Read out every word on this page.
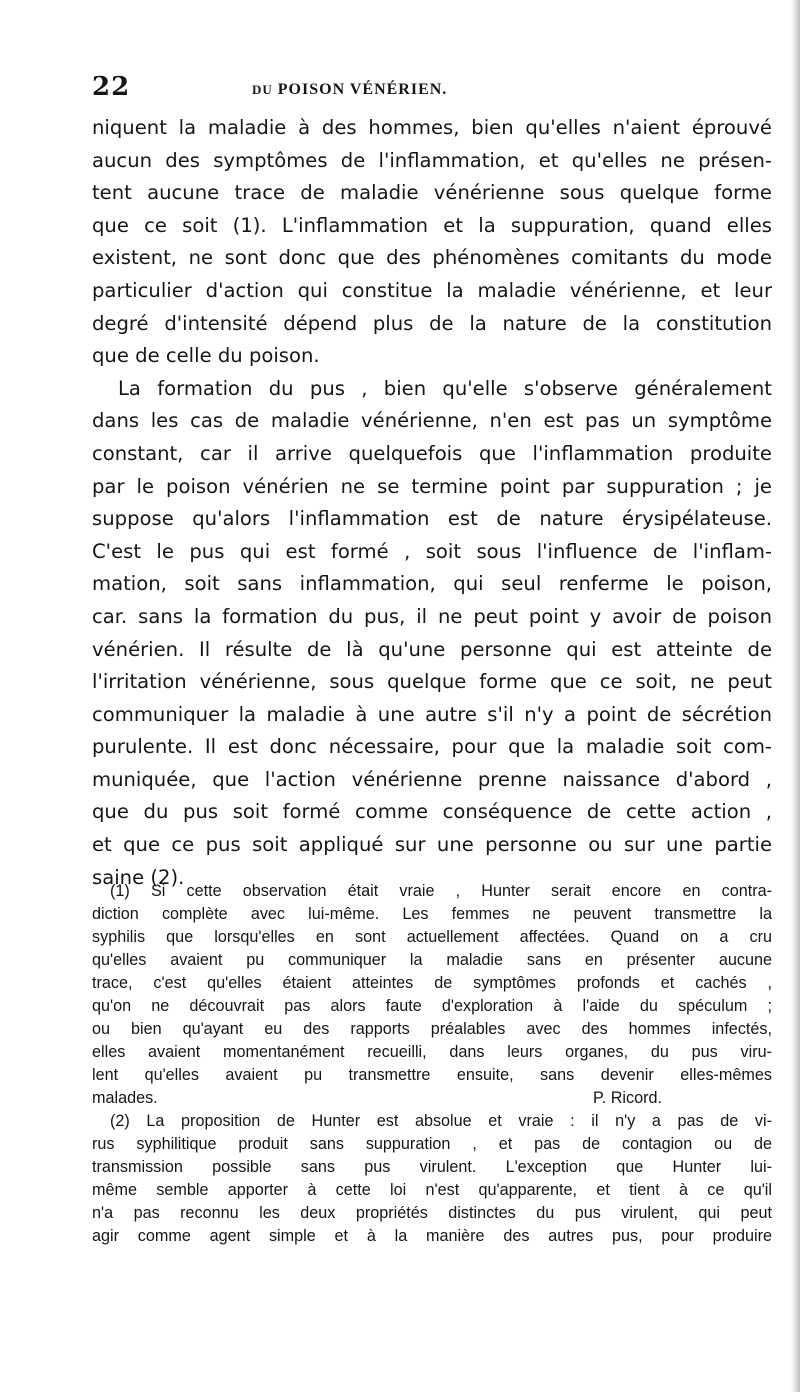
22	DU POISON VÉNÉRIEN.
niquent la maladie à des hommes, bien qu'elles n'aient éprouvé
aucun des symptômes de l'inflammation, et qu'elles ne présen-
tent aucune trace de maladie vénérienne sous quelque forme
que ce soit (1). L'inflammation et la suppuration, quand elles
existent, ne sont donc que des phénomènes comitants du mode
particulier d'action qui constitue la maladie vénérienne, et leur
degré d'intensité dépend plus de la nature de la constitution
que de celle du poison.
La formation du pus , bien qu'elle s'observe généralement
dans les cas de maladie vénérienne, n'en est pas un symptôme
constant, car il arrive quelquefois que l'inflammation produite
par le poison vénérien ne se termine point par suppuration ; je
suppose qu'alors l'inflammation est de nature érysipélateuse.
C'est le pus qui est formé , soit sous l'influence de l'inflam-
mation, soit sans inflammation, qui seul renferme le poison,
car. sans la formation du pus, il ne peut point y avoir de poison
vénérien. Il résulte de là qu'une personne qui est atteinte de
l'irritation vénérienne, sous quelque forme que ce soit, ne peut
communiquer la maladie à une autre s'il n'y a point de sécrétion
purulente. Il est donc nécessaire, pour que la maladie soit com-
muniquée, que l'action vénérienne prenne naissance d'abord ,
que du pus soit formé comme conséquence de cette action ,
et que ce pus soit appliqué sur une personne ou sur une partie
saine (2).
(1) Si cette observation était vraie , Hunter serait encore en contra-
diction complète avec lui-même. Les femmes ne peuvent transmettre la
syphilis que lorsqu'elles en sont actuellement affectées. Quand on a cru
qu'elles avaient pu communiquer la maladie sans en présenter aucune
trace, c'est qu'elles étaient atteintes de symptômes profonds et cachés ,
qu'on ne découvrait pas alors faute d'exploration à l'aide du spéculum ;
ou bien qu'ayant eu des rapports préalables avec des hommes infectés,
elles avaient momentanément recueilli, dans leurs organes, du pus viru-
lent qu'elles avaient pu transmettre ensuite, sans devenir elles-mêmes
malades.	P. Ricord.
(2) La proposition de Hunter est absolue et vraie : il n'y a pas de vi-
rus syphilitique produit sans suppuration , et pas de contagion ou de
transmission possible sans pus virulent. L'exception que Hunter lui-
même semble apporter à cette loi n'est qu'apparente, et tient à ce qu'il
n'a pas reconnu les deux propriétés distinctes du pus virulent, qui peut
agir comme agent simple et à la manière des autres pus, pour produire
